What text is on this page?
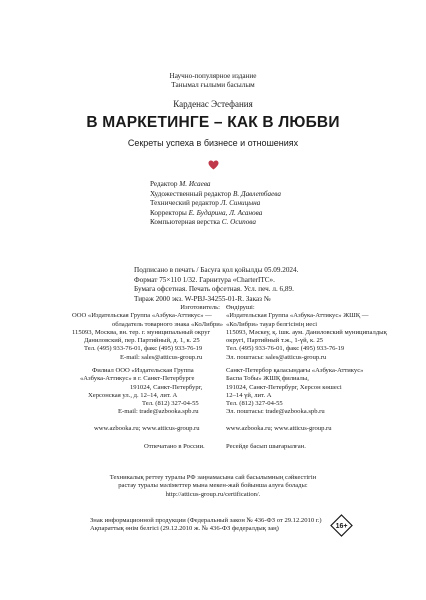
Научно-популярное издание
Танымал ғылыми басылым
Карденас Эстефания
В МАРКЕТИНГЕ – КАК В ЛЮБВИ
Секреты успеха в бизнесе и отношениях
Редактор М. Исаева
Художественный редактор В. Давлетбаева
Технический редактор Л. Синицына
Корректоры Е. Бударина, Л. Асанова
Компьютерная верстка С. Осипова
Подписано в печать / Басуға қол қойылды 05.09.2024.
Формат 75×110 1/32. Гарнитура «CharterITC».
Бумага офсетная. Печать офсетная. Усл. печ. л. 6,89.
Тираж 2000 экз. W-PBJ-34255-01-R. Заказ №
Изготовитель:
ООО «Издательская Группа «Азбука-Аттикус» —
обладатель товарного знака «КоЛибри»
115093, Москва, вн. тер. г. муниципальный округ
Даниловский, пер. Партийный, д. 1, к. 25
Тел. (495) 933-76-01, факс (495) 933-76-19
E-mail: sales@atticus-group.ru
Филиал ООО «Издательская Группа
«Азбука-Аттикус» в г. Санкт-Петербурге
191024, Санкт-Петербург,
Херсонская ул., д. 12–14, лит. А
Тел. (812) 327-04-55
E-mail: trade@azbooka.spb.ru
www.azbooka.ru; www.atticus-group.ru
Отпечатано в России.
Өндіруші:
«Издательская Группа «Азбука-Аттикус» ЖШҚ —
«КоЛибри» тауар белгісінің иесі
115093, Мәскеу, қ. ішк. аум. Даниловский муниципалдық
округі, Партийный т.ж., 1-үй, к. 25
Тел. (495) 933-76-01, факс (495) 933-76-19
Эл. поштасы: sales@atticus-group.ru
Санкт-Петербор қаласындағы «Азбука-Аттикус»
Баспа Тобы» ЖШҚ филиалы,
191024, Санкт-Петербург, Херсон көшесі
12–14 үй, лит. А
Тел. (812) 327-04-55
Эл. поштасы: trade@azbooka.spb.ru
www.azbooka.ru; www.atticus-group.ru
Ресейде басып шығарылған.
Техникалық реттеу туралы РФ заңнамасына сай басылымның сәйкестігін
растау туралы мәліметтер мына мекен-жай бойынша алуға болады:
http://atticus-group.ru/certification/.
Знак информационной продукции (Федеральный закон № 436-ФЗ от 29.12.2010 г.)
Ақпараттық өнім белгісі (29.12.2010 ж. № 436-ФЗ федералдық заң)	16+
